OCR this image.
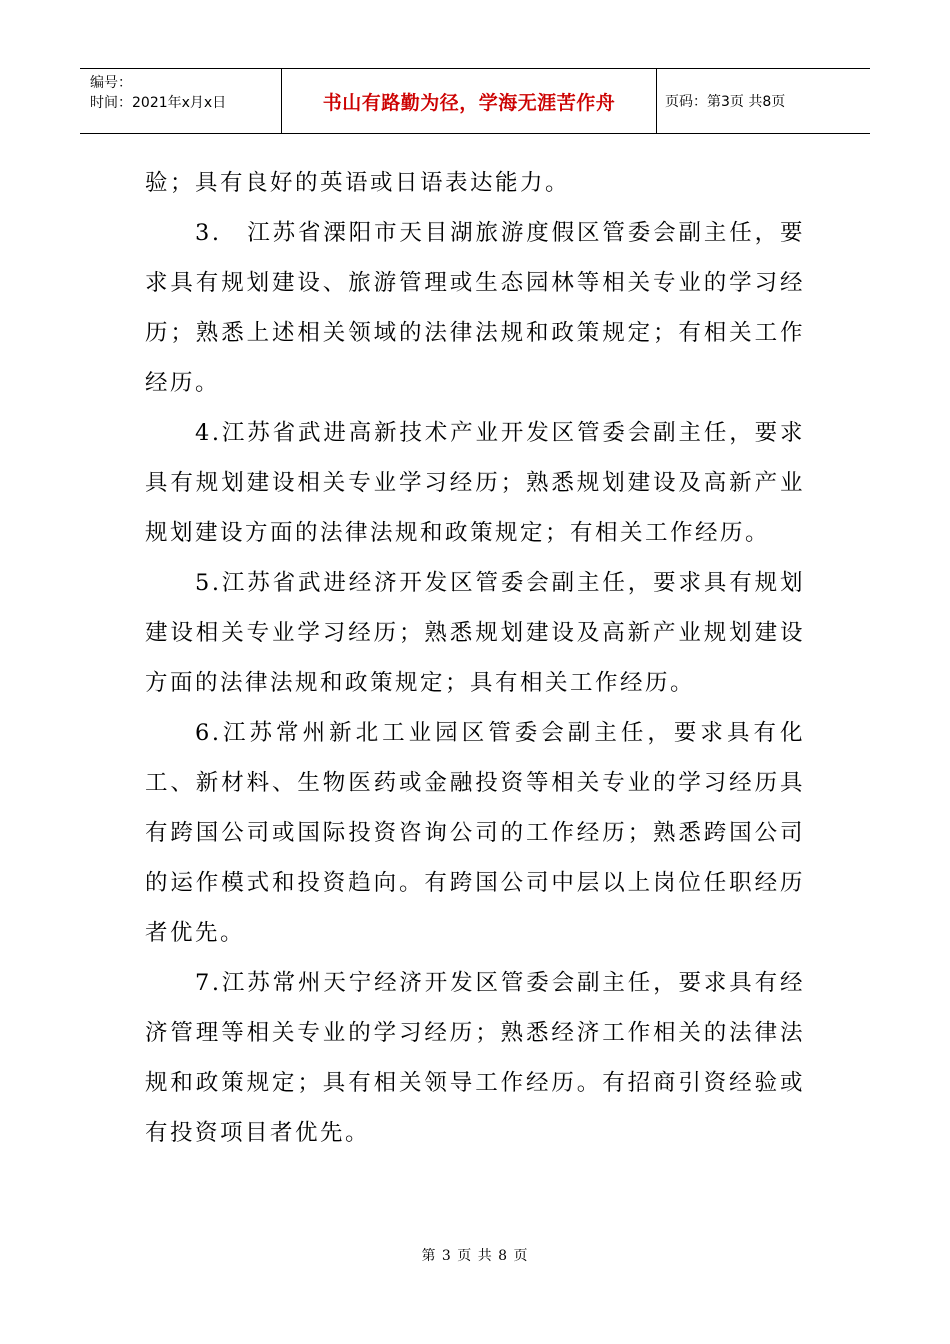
编号：
时间：2021年x月x日	书山有路勤为径，学海无涯苦作舟	页码：第3页 共8页

验；具有良好的英语或日语表达能力。

3.　江苏省溧阳市天目湖旅游度假区管委会副主任，要求具有规划建设、旅游管理或生态园林等相关专业的学习经历；熟悉上述相关领域的法律法规和政策规定；有相关工作经历。

4.江苏省武进高新技术产业开发区管委会副主任，要求具有规划建设相关专业学习经历；熟悉规划建设及高新产业规划建设方面的法律法规和政策规定；有相关工作经历。

5.江苏省武进经济开发区管委会副主任，要求具有规划建设相关专业学习经历；熟悉规划建设及高新产业规划建设方面的法律法规和政策规定；具有相关工作经历。

6.江苏常州新北工业园区管委会副主任，要求具有化工、新材料、生物医药或金融投资等相关专业的学习经历具有跨国公司或国际投资咨询公司的工作经历；熟悉跨国公司的运作模式和投资趋向。有跨国公司中层以上岗位任职经历者优先。

7.江苏常州天宁经济开发区管委会副主任，要求具有经济管理等相关专业的学习经历；熟悉经济工作相关的法律法规和政策规定；具有相关领导工作经历。有招商引资经验或有投资项目者优先。

第 3 页 共 8 页
